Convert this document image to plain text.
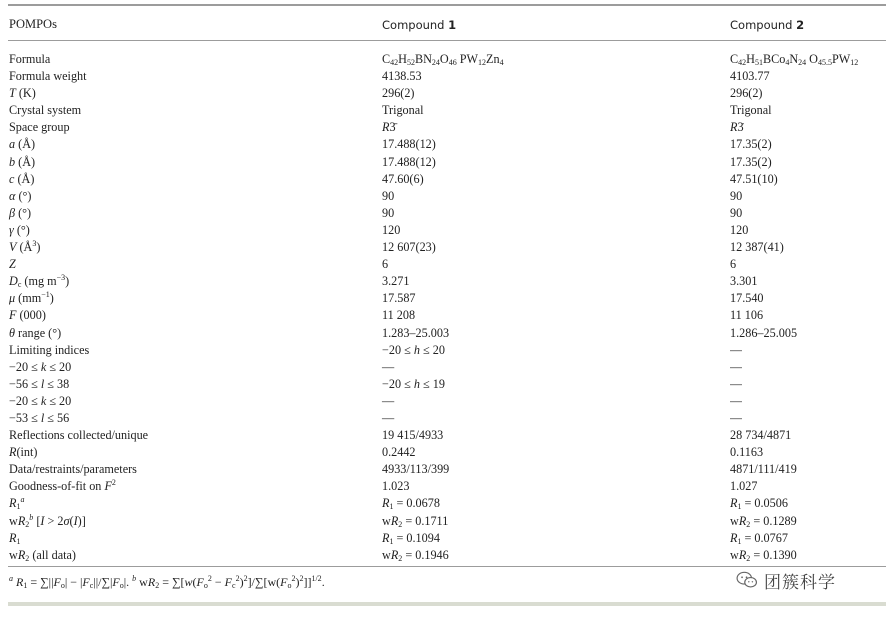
POMPOs	Compound 1	Compound 2
Formula	$C_{42}H_{52}BN_{24}O_{46}$ $PW_{12}Zn_4$	$C_{42}H_{51}BCo_4N_{24}$ $O_{45.5}PW_{12}$
Formula weight	4138.53	4103.77
T (K)	296(2)	296(2)
Crystal system	Trigonal	Trigonal
Space group	R3̄	R3̄
a (Å)	17.488(12)	17.35(2)
b (Å)	17.488(12)	17.35(2)
c (Å)	47.60(6)	47.51(10)
α (°)	90	90
β (°)	90	90
γ (°)	120	120
V $(Å^3)$	12 607(23)	12 387(41)
Z	6	6
$D_c$ (mg $m^{-3}$)	3.271	3.301
μ $(mm^{-1})$	17.587	17.540
F (000)	11 208	11 106
θ range (°)	1.283–25.003	1.286–25.005
Limiting indices	−20 ≤ h ≤ 20	—
−20 ≤ k ≤ 20	—	—
−56 ≤ l ≤ 38	−20 ≤ h ≤ 19	—
−20 ≤ k ≤ 20	—	—
−53 ≤ l ≤ 56	—	—
Reflections collected/unique	19 415/4933	28 734/4871
R(int)	0.2442	0.1163
Data/restraints/parameters	4933/113/399	4871/111/419
Goodness-of-fit on $F^2$	1.023	1.027
$R_1^a$	$R_1 = 0.0678$	$R_1 = 0.0506$
$wR_2^b$ [I > 2σ(I)]	$wR_2 = 0.1711$	$wR_2 = 0.1289$
$R_1$	$R_1 = 0.1094$	$R_1 = 0.0767$
$wR_2$ (all data)	$wR_2 = 0.1946$	$wR_2 = 0.1390$
$^a$ $R_1 = \sum||F_o| - |F_c||/\sum|F_o|$. $^b$ $wR_2 = \sum[w(F_o^2 - F_c^2)^2]/\sum[w(F_o^2)^2]]^{1/2}$.	团簇科学
